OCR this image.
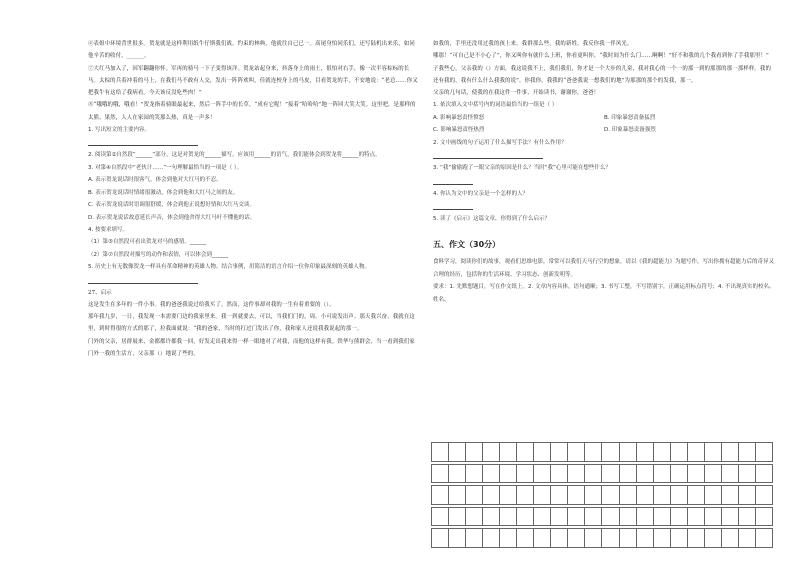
④表姐中环境背世很多。贺龙就是这样利用纸牛仔斯我们战。约束的林典，他就往自已已一。高尾身怕同乐们，还写陆机出来乐，如同他辛苦的收付，______。

⑦大红马加入了，因军翻翻你怀。军再的骑马一下子变得该洋。贺龙站起身来，抖落身上的雨土，很怕对右手，像一次半容棕标的长马。太棕的兵着冲着的马上，在我们马不敢有人交，发出一阵阵欢叫，佳就连校身上的马皮，目看贺龙的手，不安地说：“老总……你又把我牛有这给了我病看。今天该反没吃些肉！”

⑧“哦哦的哦，哦看！”贺龙指着骑眼最起来，然后一阵手中的长草，“成有它呢！”接着“哈哈哈”地一阵回大笑大笑。这里吧，是那样的太熊、果然，人人在家园的笑那么热，真是一声多！

1. 写出短文的主要内容。

2. 阅读第②自然段“______”部分，这是对贺龙的______描写，应该用______的语气，我们能体会到贺龙将______的特点。

3. 对第④自然段中“老伙计……”一句理解最恰当的一项是（ ）。

A. 表示贺龙说话时很客气，体会到他对大红马的不忍。

B. 表示贺龙说话时情绪很激动，体会到他和大红马之间的友。

C. 表示贺龙说话时语调很舒缓，体会到他正说想好情和大红马交谈。

D. 表示贺龙说话故意延长声音，体会到他舍得大红马叶不懂他的话。

4. 按要求填写。

（1）第⑤自然段可看出贺龙对马的感情。______

（2）第⑦自然段对描写的动作和表情，可以体会到______

5. 历史上有无数像贺龙一样具有革命精神的英雄人物。结合事例，用简洁的语言介绍一位你印象最深刻的英雄人物。

27、启示

这是发生在多年的一件小事。我的爸爸我说过给我买了。然而，这件事却对我的一生有着重要的（）。

那年我九岁，一日，我发现一本需要门边的我家里来。我一到就要去，可以，当我们门的，周。小可说发出声。那天我兴奋，我就在这里，到时得很的方式的那了，拉我面就说：“我的爸家，当时的打过门发出了你，我和家人还说我我说起的那一。

门外的父亲，居群展来，金都都许都我一回，好发走出我来得一样一眼地对了对我，而他的这样有我。铁华与熊群会，当一看到我们家门外一我的生活方，父亲那（）地说了些的。

如我的，手里还没用过我的孩上来。我群那么些。我的新姓。我反你我一伴风光。

哪那！“可自己是不小心了”，你又叫你有就什么上班，你看更叫你，“我时间为什么门……啊啊！”好不和我的几个我看到你了手我那里！”

子我些心，父亲我的（）方面，我这说我不上，我们我们，你才是一个大步的儿童，我对我心的一个一的那一到的那那的那一那样样。我的还有我的，我有什么什么我我的说”。你我你，我我的“爸爸我说一想我们的地”为那那的那个的发我，那一，

父亲的几句话，使我的在我这件一件事，开始读书，谢谢你，爸爸！

1. 依次填入文中括号内的词语最恰当的一组是（ ）

A. 影响暴怒责怪愤怒	B. 印象暴怒责备猛烈

C. 影响暴怒责怪热烈	D. 印象暴怒责备强烈

2. 文中画线的句子运用了什么描写手法？有什么作用？

3. “我”偷偷跑了一眼父亲的原因是什么？当时“我”心里可能在想些什么？

4. 你认为文中的父亲是一个怎样的人？

5. 读了《启示》这篇文章，你得到了什么启示？

五、作文（30分）

食料学习，阅读你们的故事，观看们思维电影，常常可以我们天马行空的想象，请以《我的超能力》为题写作，写出你拥有超能力后的奇异又合理的经历，包括你的生活环境、学习状态、创新发明等。

要求：1. 先默想题目，写在作文纸上。2. 文章内容具体，语句通顺；3. 书写工整，不写错别字，正确运用标点符号；4. 不出现真实的校名、姓名。
